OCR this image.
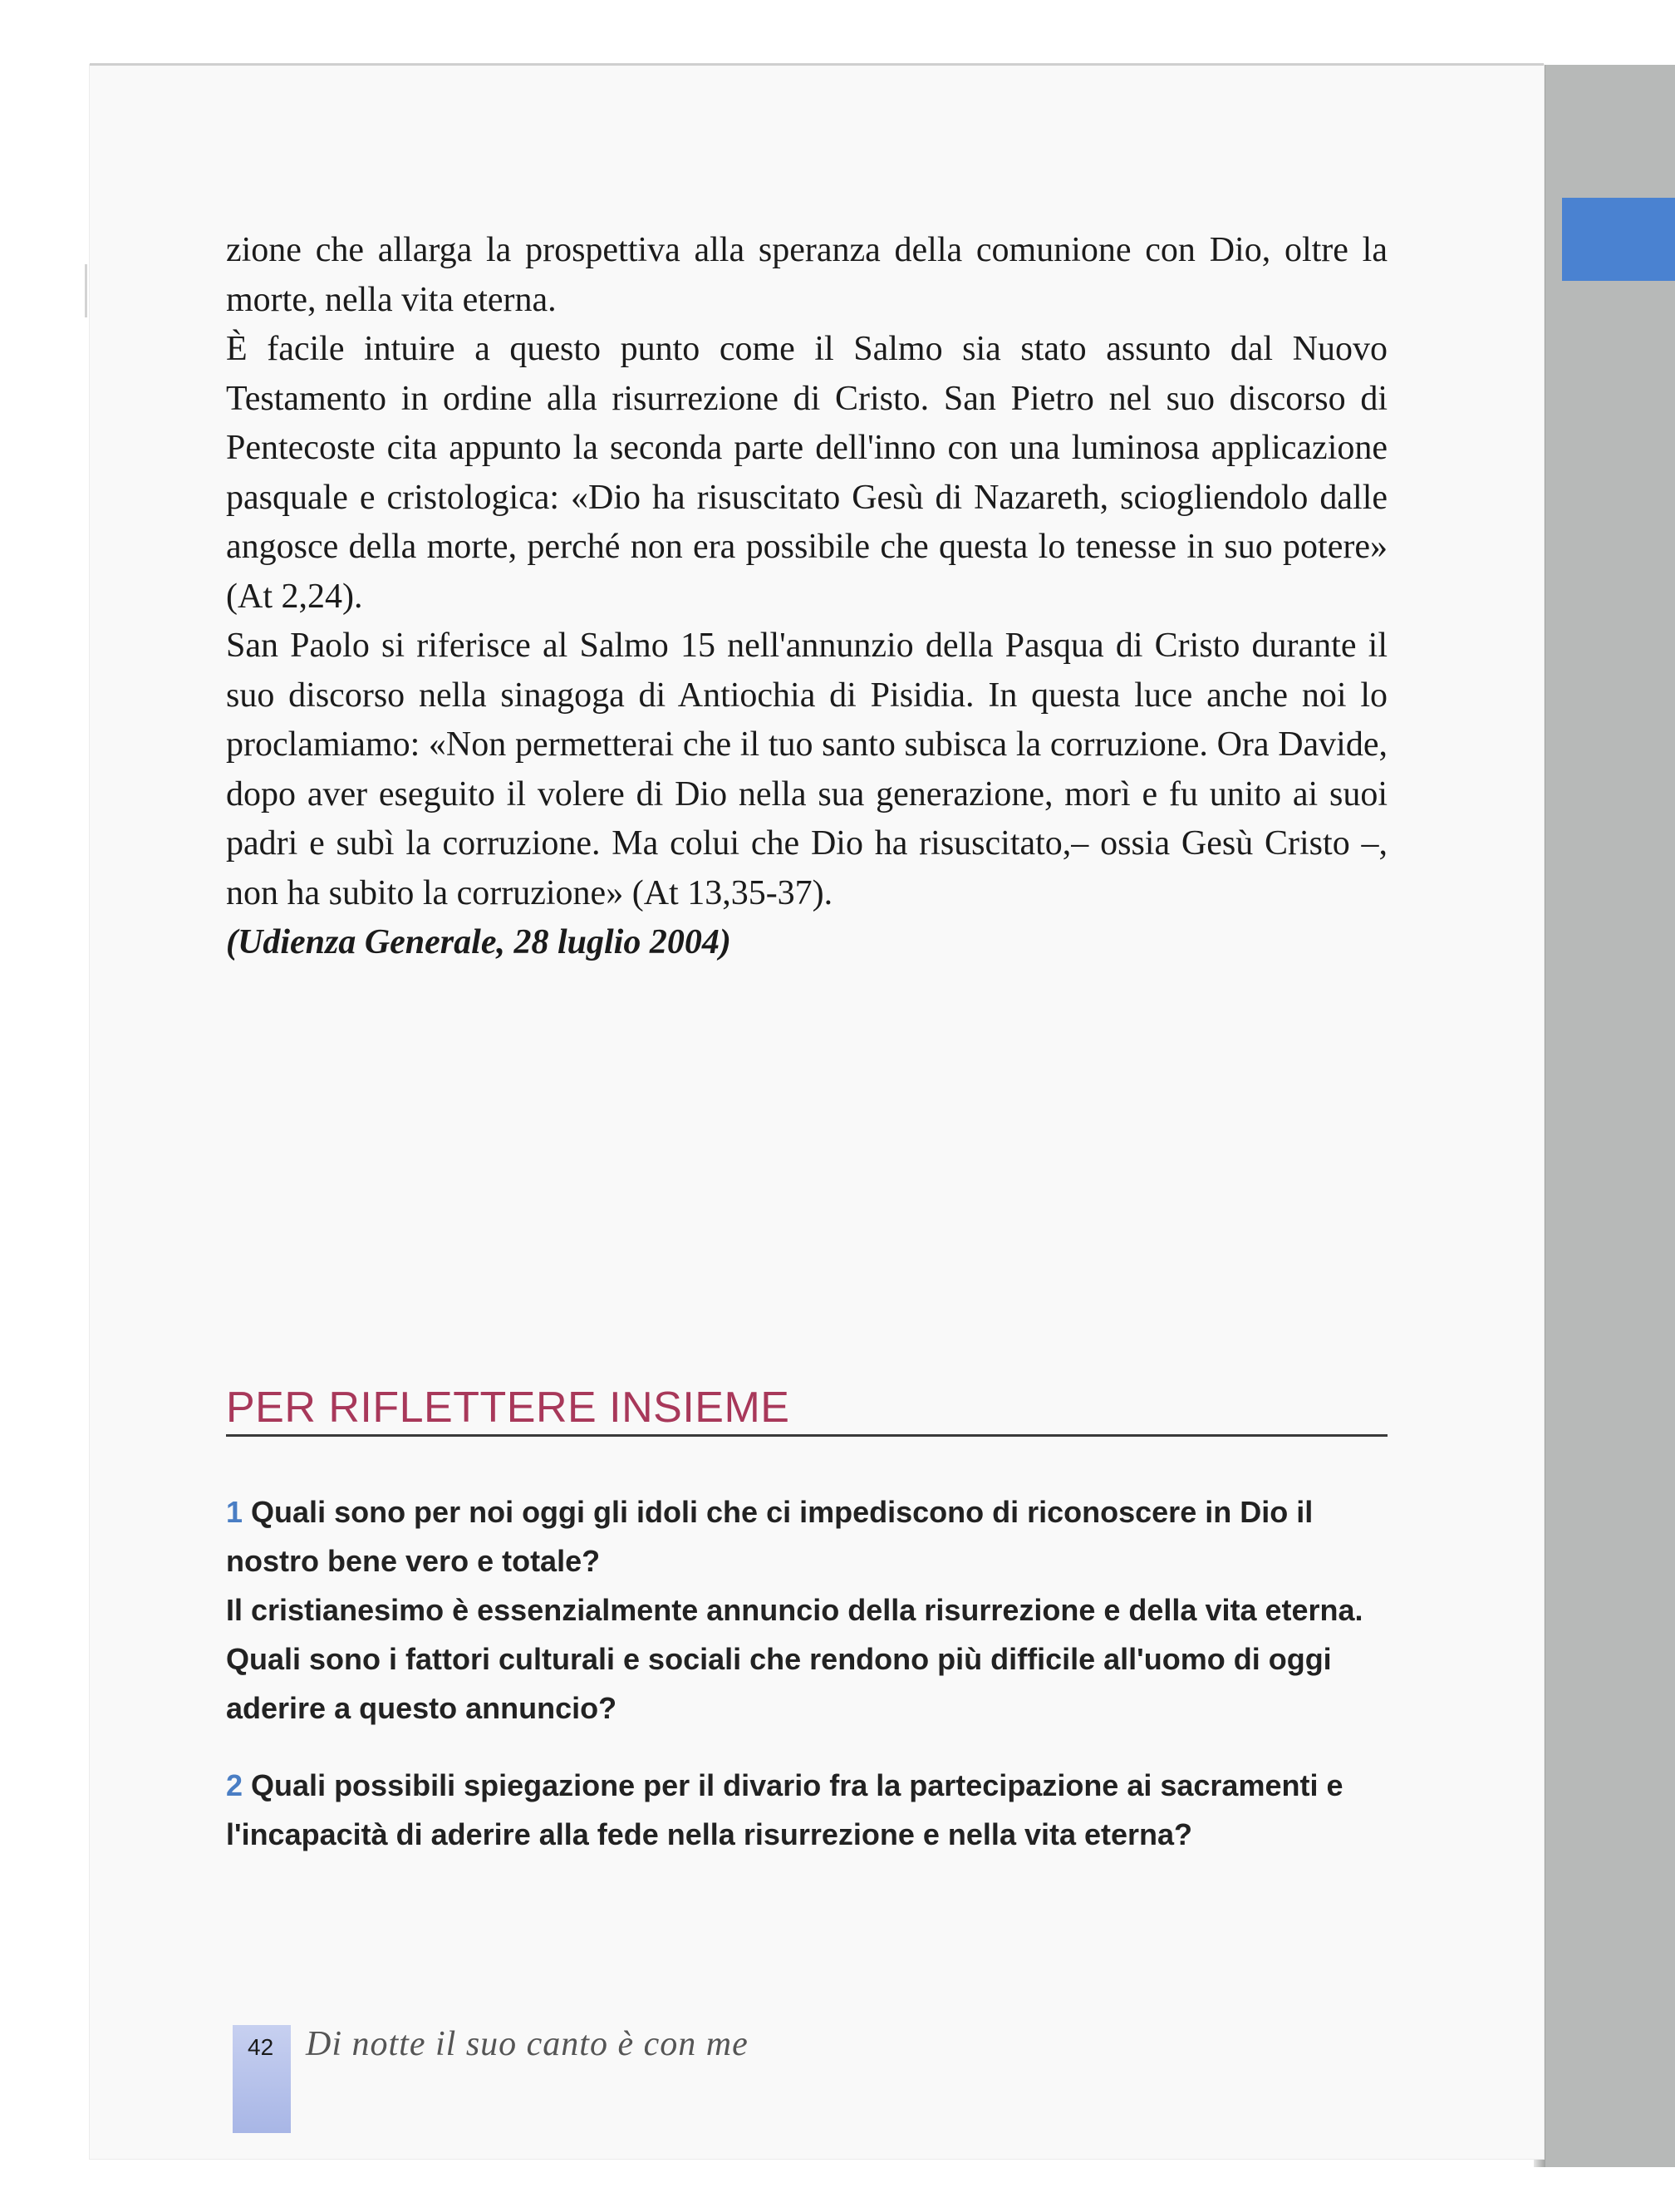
zione che allarga la prospettiva alla speranza della comunione con Dio, oltre la morte, nella vita eterna.

È facile intuire a questo punto come il Salmo sia stato assunto dal Nuovo Testamento in ordine alla risurrezione di Cristo. San Pietro nel suo discorso di Pentecoste cita appunto la seconda parte dell'inno con una luminosa applicazione pasquale e cristologica: «Dio ha risuscitato Gesù di Nazareth, sciogliendolo dalle angosce della morte, perché non era possibile che questa lo tenesse in suo potere» (At 2,24).

San Paolo si riferisce al Salmo 15 nell'annunzio della Pasqua di Cristo durante il suo discorso nella sinagoga di Antiochia di Pisidia. In questa luce anche noi lo proclamiamo: «Non permetterai che il tuo santo subisca la corruzione. Ora Davide, dopo aver eseguito il volere di Dio nella sua generazione, morì e fu unito ai suoi padri e subì la corruzione. Ma colui che Dio ha risuscitato,– ossia Gesù Cristo –, non ha subito la corruzione» (At 13,35-37).

(Udienza Generale, 28 luglio 2004)

PER RIFLETTERE INSIEME

1 Quali sono per noi oggi gli idoli che ci impediscono di riconoscere in Dio il nostro bene vero e totale?

Il cristianesimo è essenzialmente annuncio della risurrezione e della vita eterna. Quali sono i fattori culturali e sociali che rendono più difficile all'uomo di oggi aderire a questo annuncio?

2 Quali possibili spiegazione per il divario fra la partecipazione ai sacramenti e l'incapacità di aderire alla fede nella risurrezione e nella vita eterna?

42 Di notte il suo canto è con me
